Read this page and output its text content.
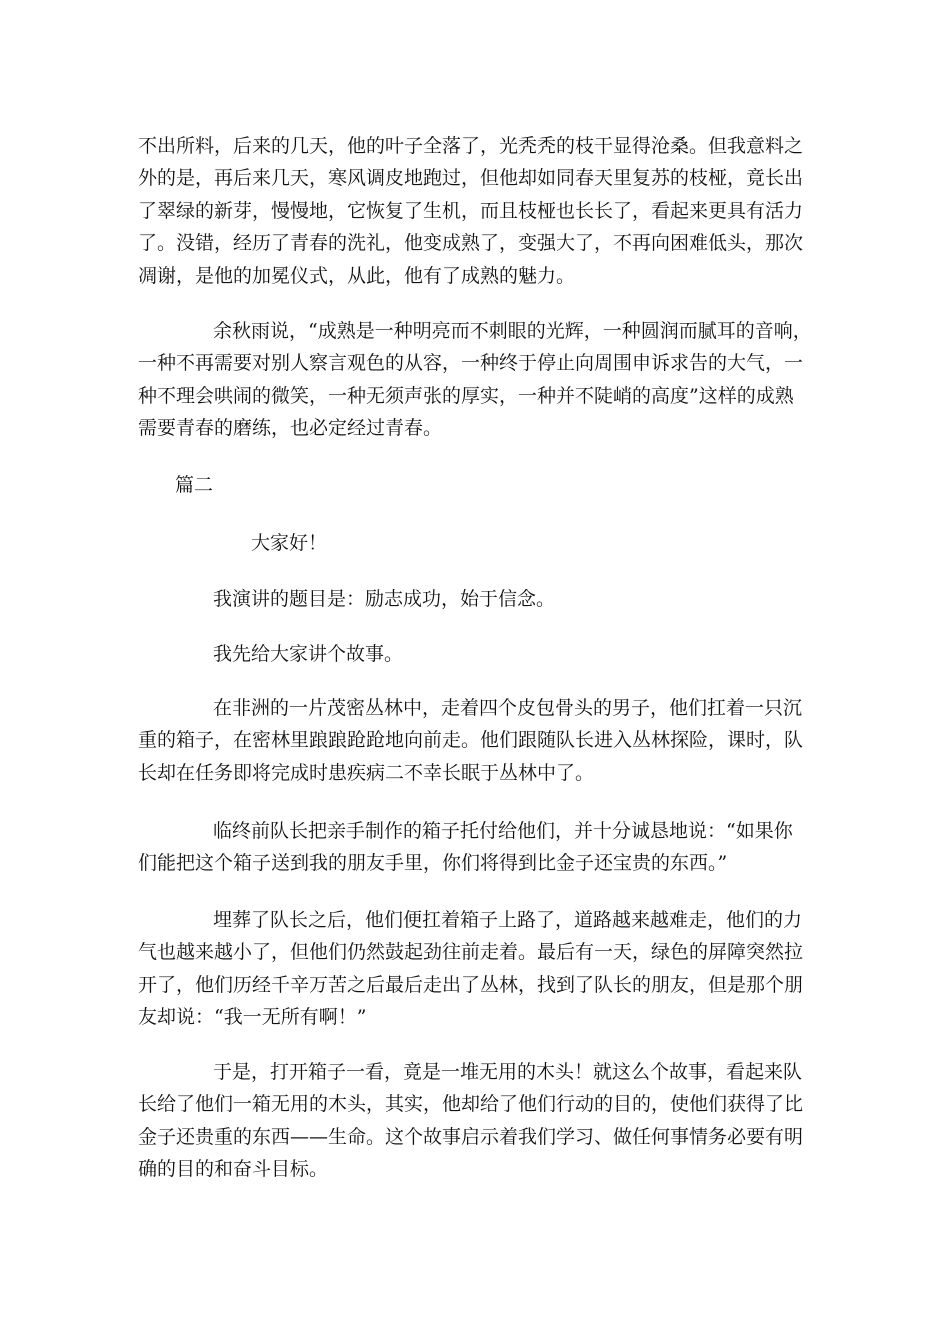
不出所料，后来的几天，他的叶子全落了，光秃秃的枝干显得沧桑。但我意料之
外的是，再后来几天，寒风调皮地跑过，但他却如同春天里复苏的枝桠，竟长出
了翠绿的新芽，慢慢地，它恢复了生机，而且枝桠也长长了，看起来更具有活力
了。没错，经历了青春的洗礼，他变成熟了，变强大了，不再向困难低头，那次
凋谢，是他的加冕仪式，从此，他有了成熟的魅力。
余秋雨说，“成熟是一种明亮而不刺眼的光辉，一种圆润而腻耳的音响，
一种不再需要对别人察言观色的从容，一种终于停止向周围申诉求告的大气，一
种不理会哄闹的微笑，一种无须声张的厚实，一种并不陡峭的高度”这样的成熟
需要青春的磨练，也必定经过青春。
篇二
大家好！
我演讲的题目是：励志成功，始于信念。
我先给大家讲个故事。
在非洲的一片茂密丛林中，走着四个皮包骨头的男子，他们扛着一只沉
重的箱子，在密林里踉踉跄跄地向前走。他们跟随队长进入丛林探险，课时，队
长却在任务即将完成时患疾病二不幸长眠于丛林中了。
临终前队长把亲手制作的箱子托付给他们，并十分诚恳地说：“如果你
们能把这个箱子送到我的朋友手里，你们将得到比金子还宝贵的东西。”
埋葬了队长之后，他们便扛着箱子上路了，道路越来越难走，他们的力
气也越来越小了，但他们仍然鼓起劲往前走着。最后有一天，绿色的屏障突然拉
开了，他们历经千辛万苦之后最后走出了丛林，找到了队长的朋友，但是那个朋
友却说：“我一无所有啊！”
于是，打开箱子一看，竟是一堆无用的木头！就这么个故事，看起来队
长给了他们一箱无用的木头，其实，他却给了他们行动的目的，使他们获得了比
金子还贵重的东西——生命。这个故事启示着我们学习、做任何事情务必要有明
确的目的和奋斗目标。
